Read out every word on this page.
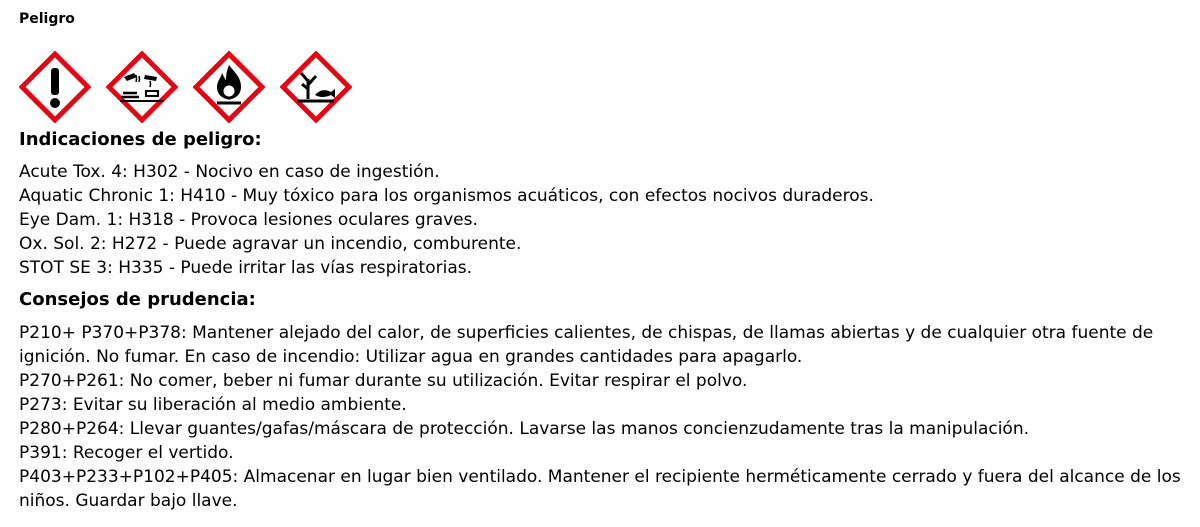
Peligro
Indicaciones de peligro:
Acute Tox. 4: H302 - Nocivo en caso de ingestión.
Aquatic Chronic 1: H410 - Muy tóxico para los organismos acuáticos, con efectos nocivos duraderos.
Eye Dam. 1: H318 - Provoca lesiones oculares graves.
Ox. Sol. 2: H272 - Puede agravar un incendio, comburente.
STOT SE 3: H335 - Puede irritar las vías respiratorias.
Consejos de prudencia:
P210+ P370+P378: Mantener alejado del calor, de superficies calientes, de chispas, de llamas abiertas y de cualquier otra fuente de ignición. No fumar. En caso de incendio: Utilizar agua en grandes cantidades para apagarlo.
P270+P261: No comer, beber ni fumar durante su utilización. Evitar respirar el polvo.
P273: Evitar su liberación al medio ambiente.
P280+P264: Llevar guantes/gafas/máscara de protección. Lavarse las manos concienzudamente tras la manipulación.
P391: Recoger el vertido.
P403+P233+P102+P405: Almacenar en lugar bien ventilado. Mantener el recipiente herméticamente cerrado y fuera del alcance de los niños. Guardar bajo llave.
